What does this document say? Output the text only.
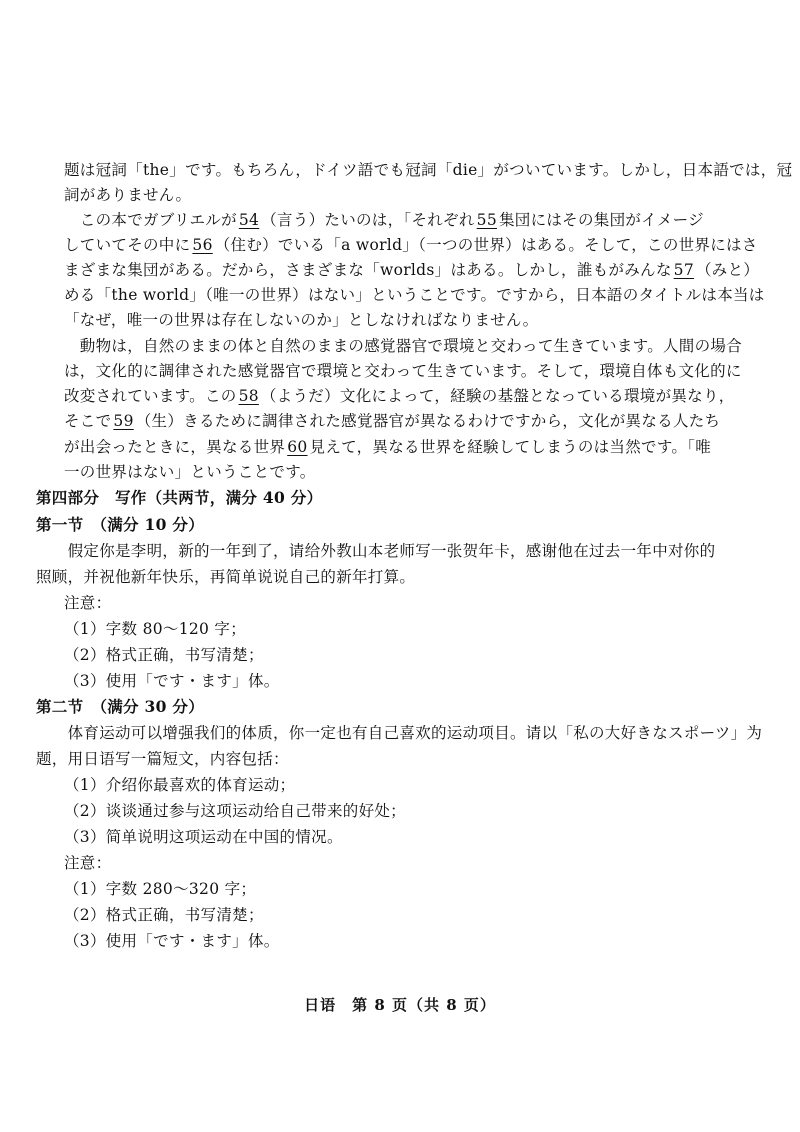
题は冠詞「the」です。もちろん，ドイツ語でも冠詞「die」がついています。しかし，日本語では，冠
詞がありません。
　この本でガブリエルが 54 （言う）たいのは，「それぞれ 55 集団にはその集団がイメージ
していてその中に 56 （住む）でいる「a world」（一つの世界）はある。そして，この世界にはさ
まざまな集団がある。だから，さまざまな「worlds」はある。しかし，誰もがみんな 57 （みと）
める「the world」（唯一の世界）はない」ということです。ですから，日本語のタイトルは本当は
「なぜ，唯一の世界は存在しないのか」としなければなりません。
　動物は，自然のままの体と自然のままの感覚器官で環境と交わって生きています。人間の場合
は，文化的に調律された感覚器官で環境と交わって生きています。そして，環境自体も文化的に
改変されています。この 58 （ようだ）文化によって，経験の基盤となっている環境が異なり，
そこで 59 （生）きるために調律された感覚器官が異なるわけですから，文化が異なる人たち
が出会ったときに，異なる世界 60 見えて，異なる世界を経験してしまうのは当然です。「唯
一の世界はない」ということです。
第四部分　写作（共两节，满分 40 分）
第一节　（满分 10 分）
　　假定你是李明，新的一年到了，请给外教山本老师写一张贺年卡，感谢他在过去一年中对你的
照顾，并祝他新年快乐，再简单说说自己的新年打算。
注意：
（1）字数 80～120 字；
（2）格式正确，书写清楚；
（3）使用「です・ます」体。
第二节　（满分 30 分）
　　体育运动可以增强我们的体质，你一定也有自己喜欢的运动项目。请以「私の大好きなスポーツ」为
题，用日语写一篇短文，内容包括：
（1）介绍你最喜欢的体育运动；
（2）谈谈通过参与这项运动给自己带来的好处；
（3）简单说明这项运动在中国的情况。
注意：
（1）字数 280～320 字；
（2）格式正确，书写清楚；
（3）使用「です・ます」体。
日语　第 8 页（共 8 页）
